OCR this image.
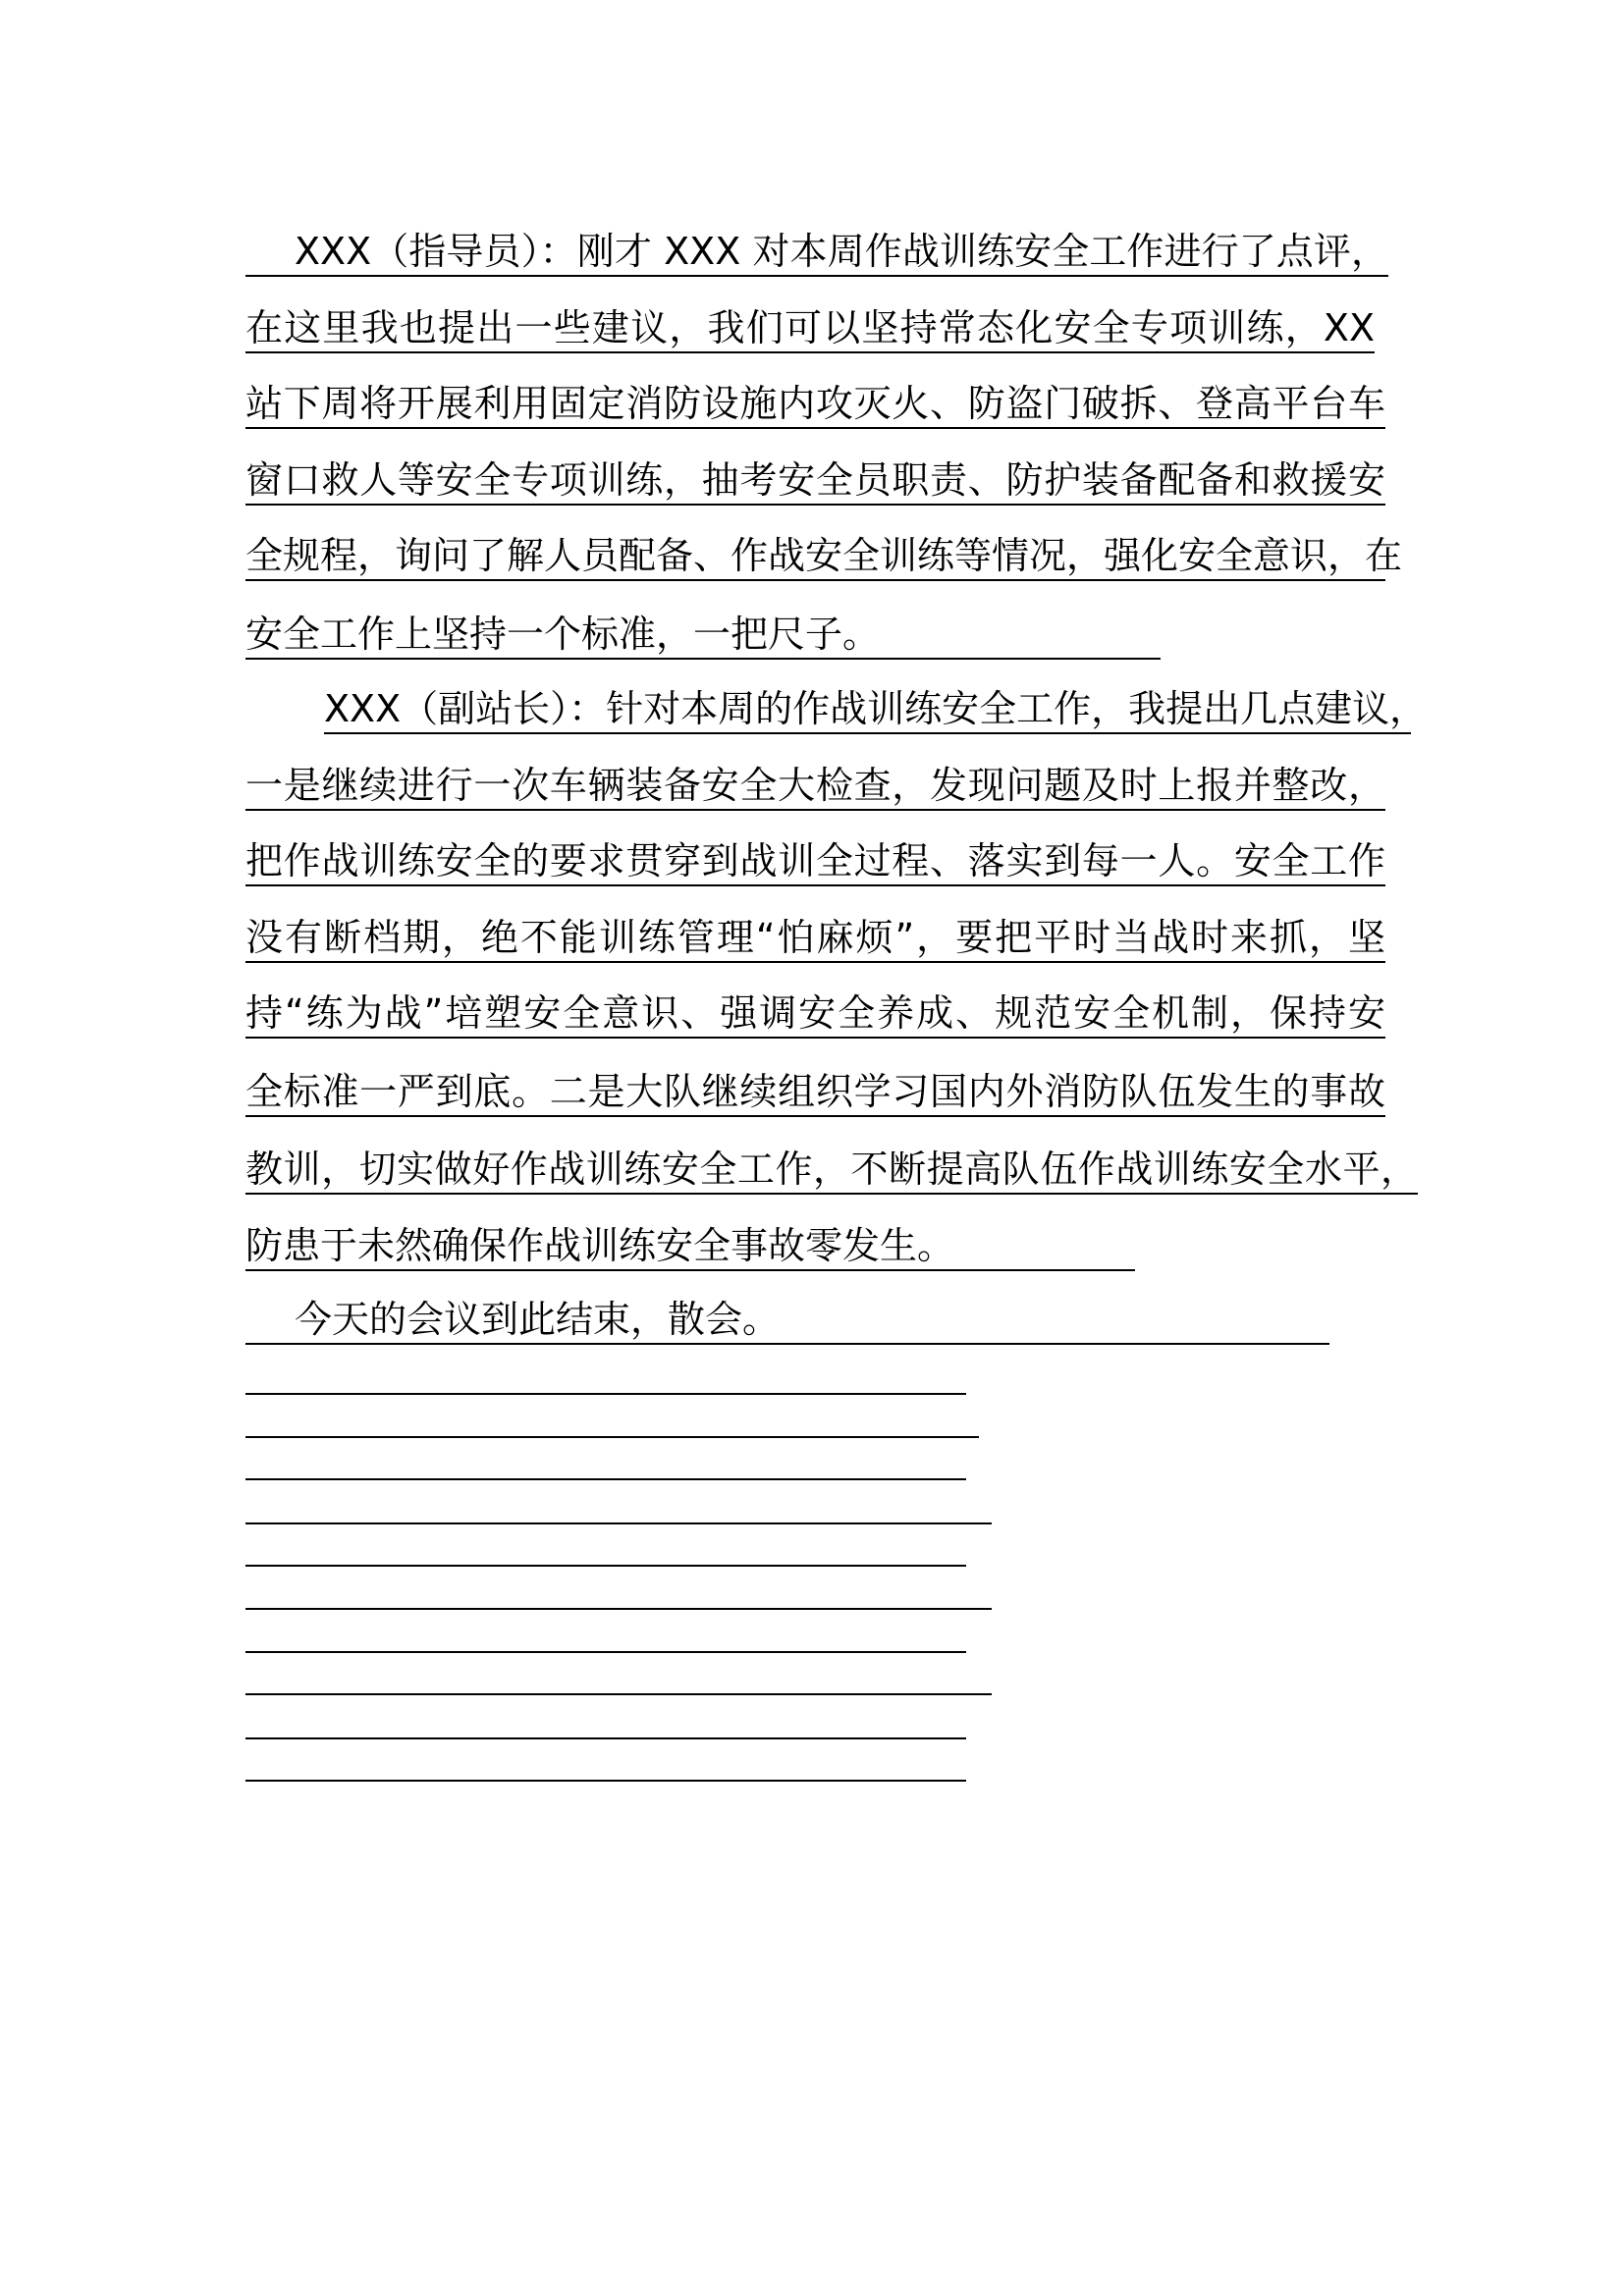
XXX（指导员）：刚才 XXX 对本周作战训练安全工作进行了点评，
在这里我也提出一些建议，我们可以坚持常态化安全专项训练，XX
站下周将开展利用固定消防设施内攻灭火、防盗门破拆、登高平台车
窗口救人等安全专项训练，抽考安全员职责、防护装备配备和救援安
全规程，询问了解人员配备、作战安全训练等情况，强化安全意识，在
安全工作上坚持一个标准，一把尺子。
XXX（副站长）：针对本周的作战训练安全工作，我提出几点建议，
一是继续进行一次车辆装备安全大检查，发现问题及时上报并整改，
把作战训练安全的要求贯穿到战训全过程、落实到每一人。安全工作
没有断档期，绝不能训练管理“怕麻烦”，要把平时当战时来抓，坚
持“练为战”培塑安全意识、强调安全养成、规范安全机制，保持安
全标准一严到底。二是大队继续组织学习国内外消防队伍发生的事故
教训，切实做好作战训练安全工作，不断提高队伍作战训练安全水平，
防患于未然确保作战训练安全事故零发生。
今天的会议到此结束，散会。
